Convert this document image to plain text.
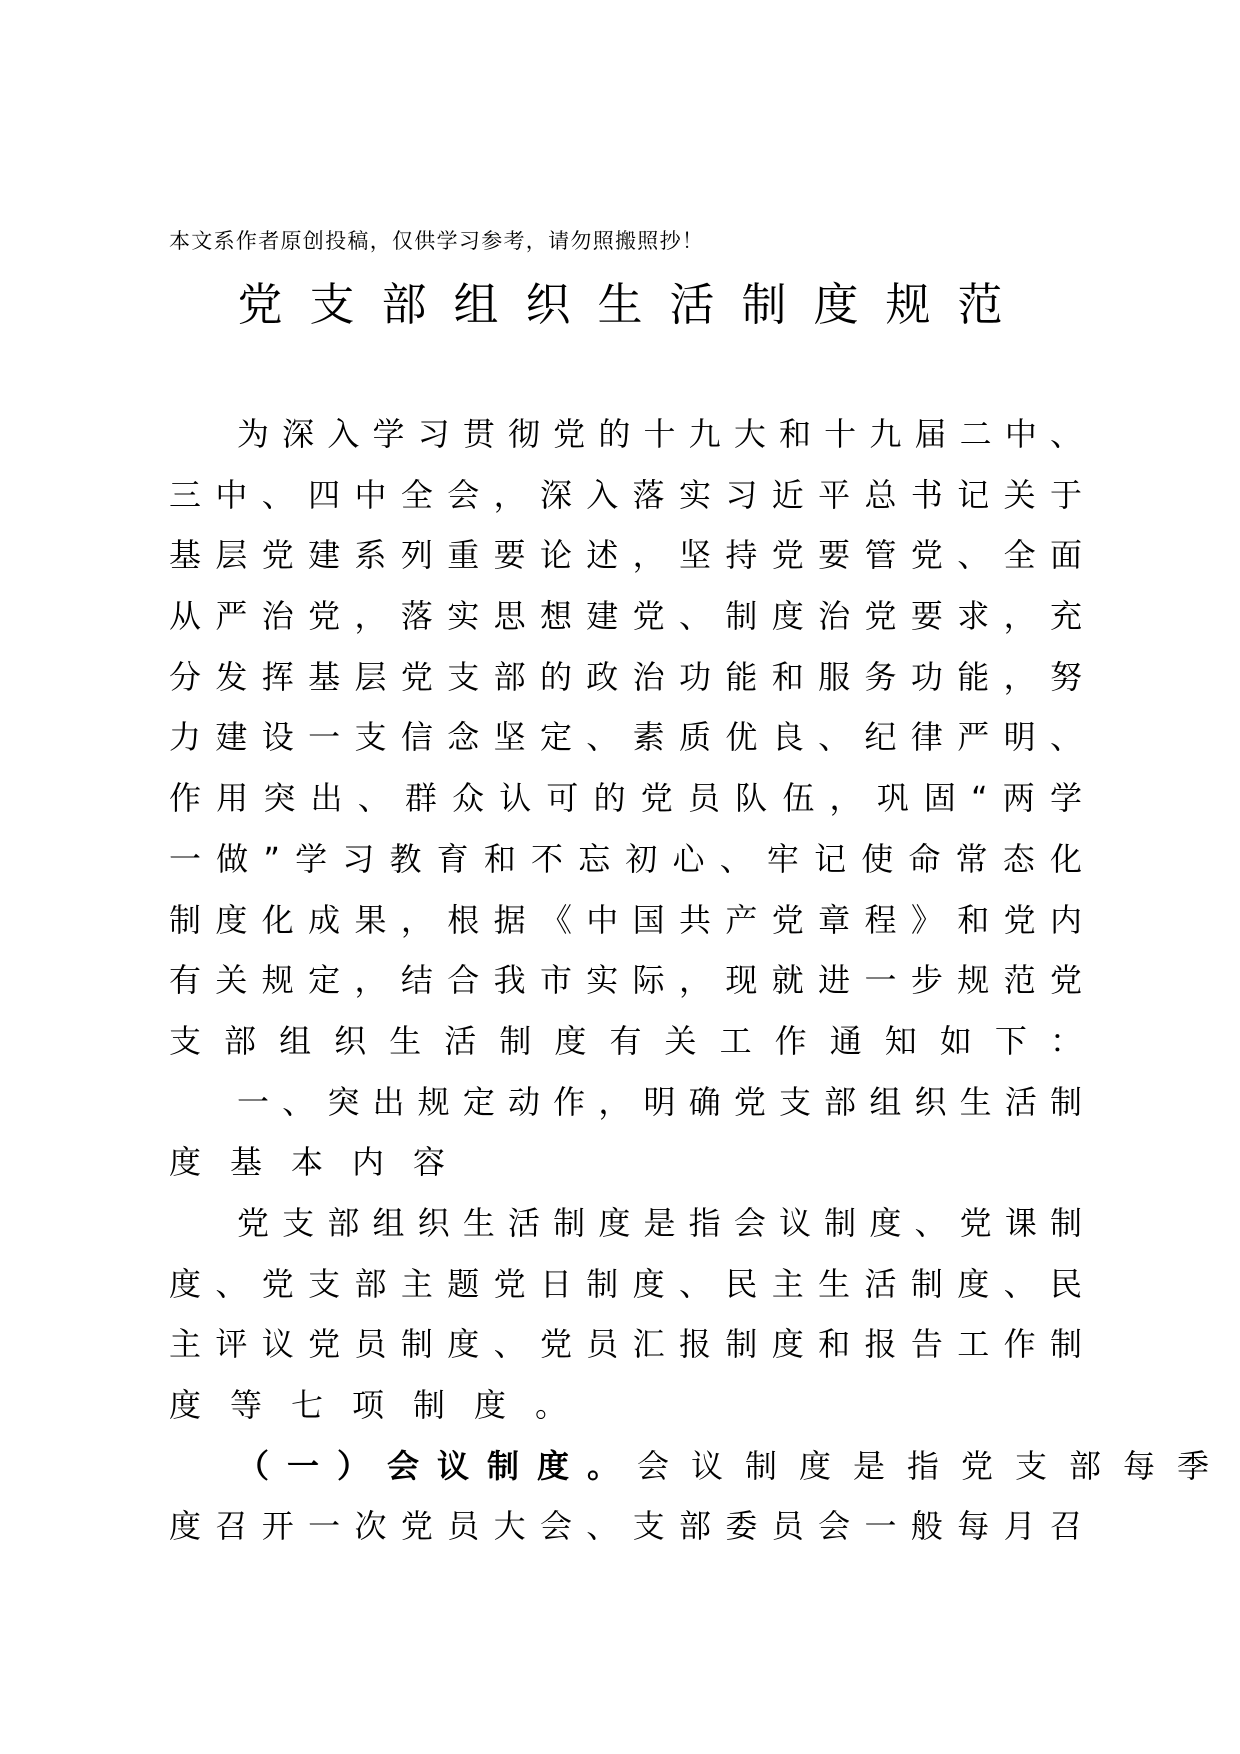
本文系作者原创投稿，仅供学习参考，请勿照搬照抄！
党支部组织生活制度规范
为深入学习贯彻党的十九大和十九届二中、
三中、四中全会，深入落实习近平总书记关于
基层党建系列重要论述，坚持党要管党、全面
从严治党，落实思想建党、制度治党要求，充
分发挥基层党支部的政治功能和服务功能，努
力建设一支信念坚定、素质优良、纪律严明、
作用突出、群众认可的党员队伍，巩固“两学
一做”学习教育和不忘初心、牢记使命常态化
制度化成果，根据《中国共产党章程》和党内
有关规定，结合我市实际，现就进一步规范党
支部组织生活制度有关工作通知如下：
一、突出规定动作，明确党支部组织生活制
度基本内容
党支部组织生活制度是指会议制度、党课制
度、党支部主题党日制度、民主生活制度、民
主评议党员制度、党员汇报制度和报告工作制
度等七项制度。
（一）会议制度。 会议制度是指党支部每季
度召开一次党员大会、支部委员会一般每月召
